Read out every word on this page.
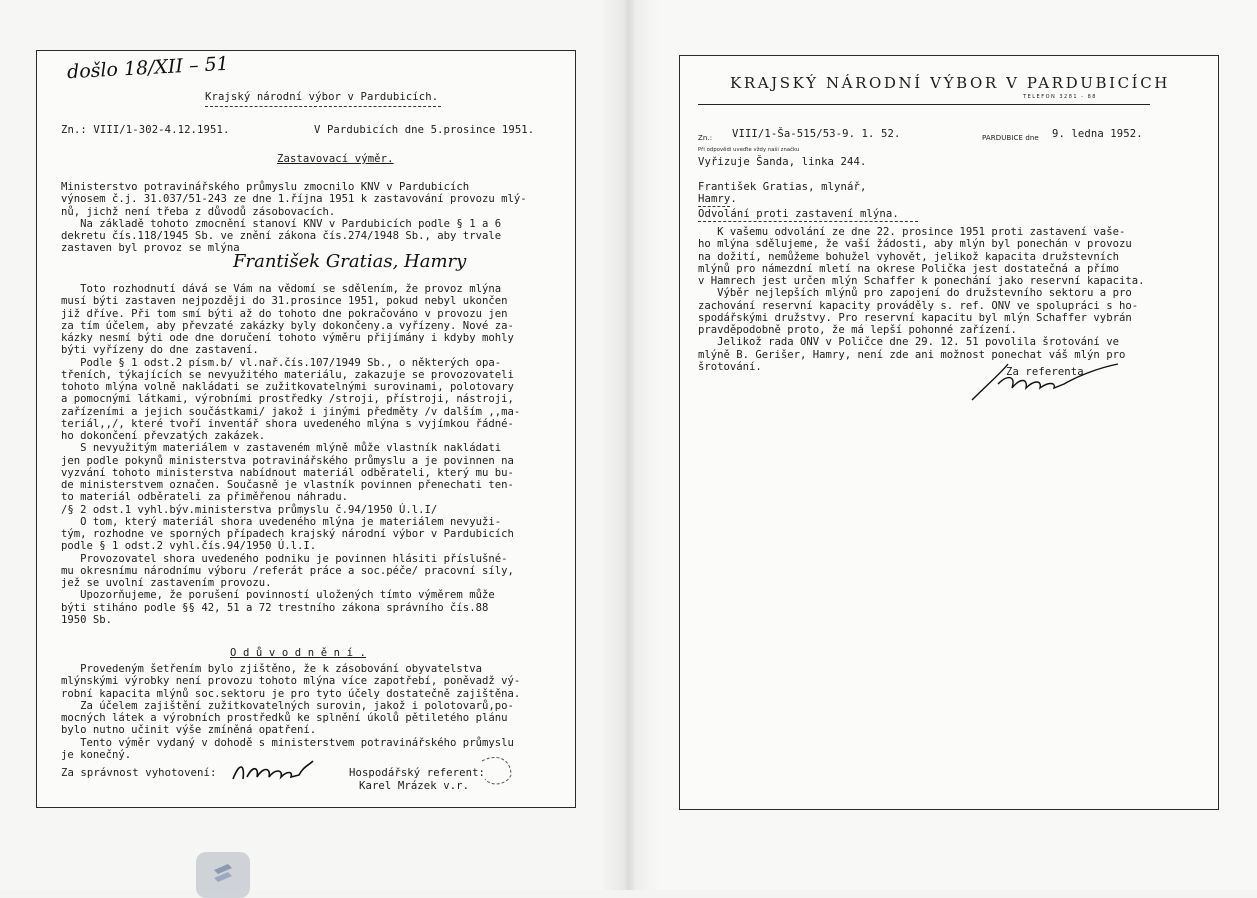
došlo 18/XII – 51
Krajský národní výbor v Pardubicích.
Zn.: VIII/1-302-4.12.1951.	V Pardubicích dne 5.prosince 1951.
Zastavovací výměr.
Ministerstvo potravinářského průmyslu zmocnilo KNV v Pardubicích
výnosem č.j. 31.037/51-243 ze dne 1.října 1951 k zastavování provozu mlý-
nů, jichž není třeba z důvodů zásobovacích.
Na základě tohoto zmocnění stanoví KNV v Pardubicích podle § 1 a 6
dekretu čís.118/1945 Sb. ve znění zákona čís.274/1948 Sb., aby trvale
zastaven byl provoz se mlýna
František Gratias, Hamry
Toto rozhodnutí dává se Vám na vědomí se sdělením, že provoz mlýna
musí býti zastaven nejpozději do 31.prosince 1951, pokud nebyl ukončen
již dříve. Při tom smí býti až do tohoto dne pokračováno v provozu jen
za tím účelem, aby převzaté zakázky byly dokončeny.a vyřízeny. Nové za-
kázky nesmí býti ode dne doručení tohoto výměru přijímány i kdyby mohly
býti vyřízeny do dne zastavení.
Podle § 1 odst.2 písm.b/ vl.nař.čís.107/1949 Sb., o některých opa-
třeních, týkajících se nevyužitého materiálu, zakazuje se provozovateli
tohoto mlýna volně nakládati se zužitkovatelnými surovinami, polotovary
a pomocnými látkami, výrobními prostředky /stroji, přístroji, nástroji,
zařízeními a jejich součástkami/ jakož i jinými předměty /v dalším ,,ma-
teriál,,/, které tvoří inventář shora uvedeného mlýna s vyjímkou řádné-
ho dokončení převzatých zakázek.
S nevyužitým materiálem v zastaveném mlýně může vlastník nakládati
jen podle pokynů ministerstva potravinářského průmyslu a je povinnen na
vyzvání tohoto ministerstva nabídnout materiál odběrateli, který mu bu-
de ministerstvem označen. Současně je vlastník povinnen přenechati ten-
to materiál odběrateli za přiměřenou náhradu.
/§ 2 odst.1 vyhl.býv.ministerstva průmyslu č.94/1950 Ú.l.I/
O tom, který materiál shora uvedeného mlýna je materiálem nevyuži-
tým, rozhodne ve sporných případech krajský národní výbor v Pardubicích
podle § 1 odst.2 vyhl.čís.94/1950 Ú.l.I.
Provozovatel shora uvedeného podniku je povinnen hlásiti příslušné-
mu okresnímu národnímu výboru /referát práce a soc.péče/ pracovní síly,
jež se uvolní zastavením provozu.
Upozorňujeme, že porušení povinností uložených tímto výměrem může
býti stiháno podle §§ 42, 51 a 72 trestního zákona správního čís.88
1950 Sb.
O d ů v o d n ě n í .
Provedeným šetřením bylo zjištěno, že k zásobování obyvatelstva
mlýnskými výrobky není provozu tohoto mlýna více zapotřebí, poněvadž vý-
robní kapacita mlýnů soc.sektoru je pro tyto účely dostatečně zajištěna.
Za účelem zajištění zužitkovatelných surovin, jakož i polotovarů,po-
mocných látek a výrobních prostředků ke splnění úkolů pětiletého plánu
bylo nutno učinit výše zmíněná opatření.
Tento výměr vydaný v dohodě s ministerstvem potravinářského průmyslu
je konečný.
Za správnost vyhotovení:	Hospodářský referent:
Karel Mrázek v.r.
KRAJSKÝ NÁRODNÍ VÝBOR V PARDUBICÍCH
TELEFON 3281 - 88
Zn.: VIII/1-Ša-515/53-9. 1. 52.
Při odpovědi uveďte vždy naši značku
PARDUBICE dne 9. ledna 1952.
Vyřizuje Šanda, linka 244.
František Gratias, mlynář,
Hamry.
Odvolání proti zastavení mlýna.
K vašemu odvolání ze dne 22. prosince 1951 proti zastavení vaše-
ho mlýna sdělujeme, že vaší žádosti, aby mlýn byl ponechán v provozu
na dožití, nemůžeme bohužel vyhovět, jelikož kapacita družstevních
mlýnů pro námezdní mletí na okrese Polička jest dostatečná a přímo
v Hamrech jest určen mlýn Schaffer k ponechání jako reservní kapacita.
Výběr nejlepších mlýnů pro zapojení do družstevního sektoru a pro
zachování reservní kapacity prováděly s. ref. ONV ve spolupráci s ho-
spodářskými družstvy. Pro reservní kapacitu byl mlýn Schaffer vybrán
pravděpodobně proto, že má lepší pohonné zařízení.
Jelikož rada ONV v Poličce dne 29. 12. 51 povolila šrotování ve
mlýně B. Gerišer, Hamry, není zde ani možnost ponechat váš mlýn pro
šrotování.	Za referenta
